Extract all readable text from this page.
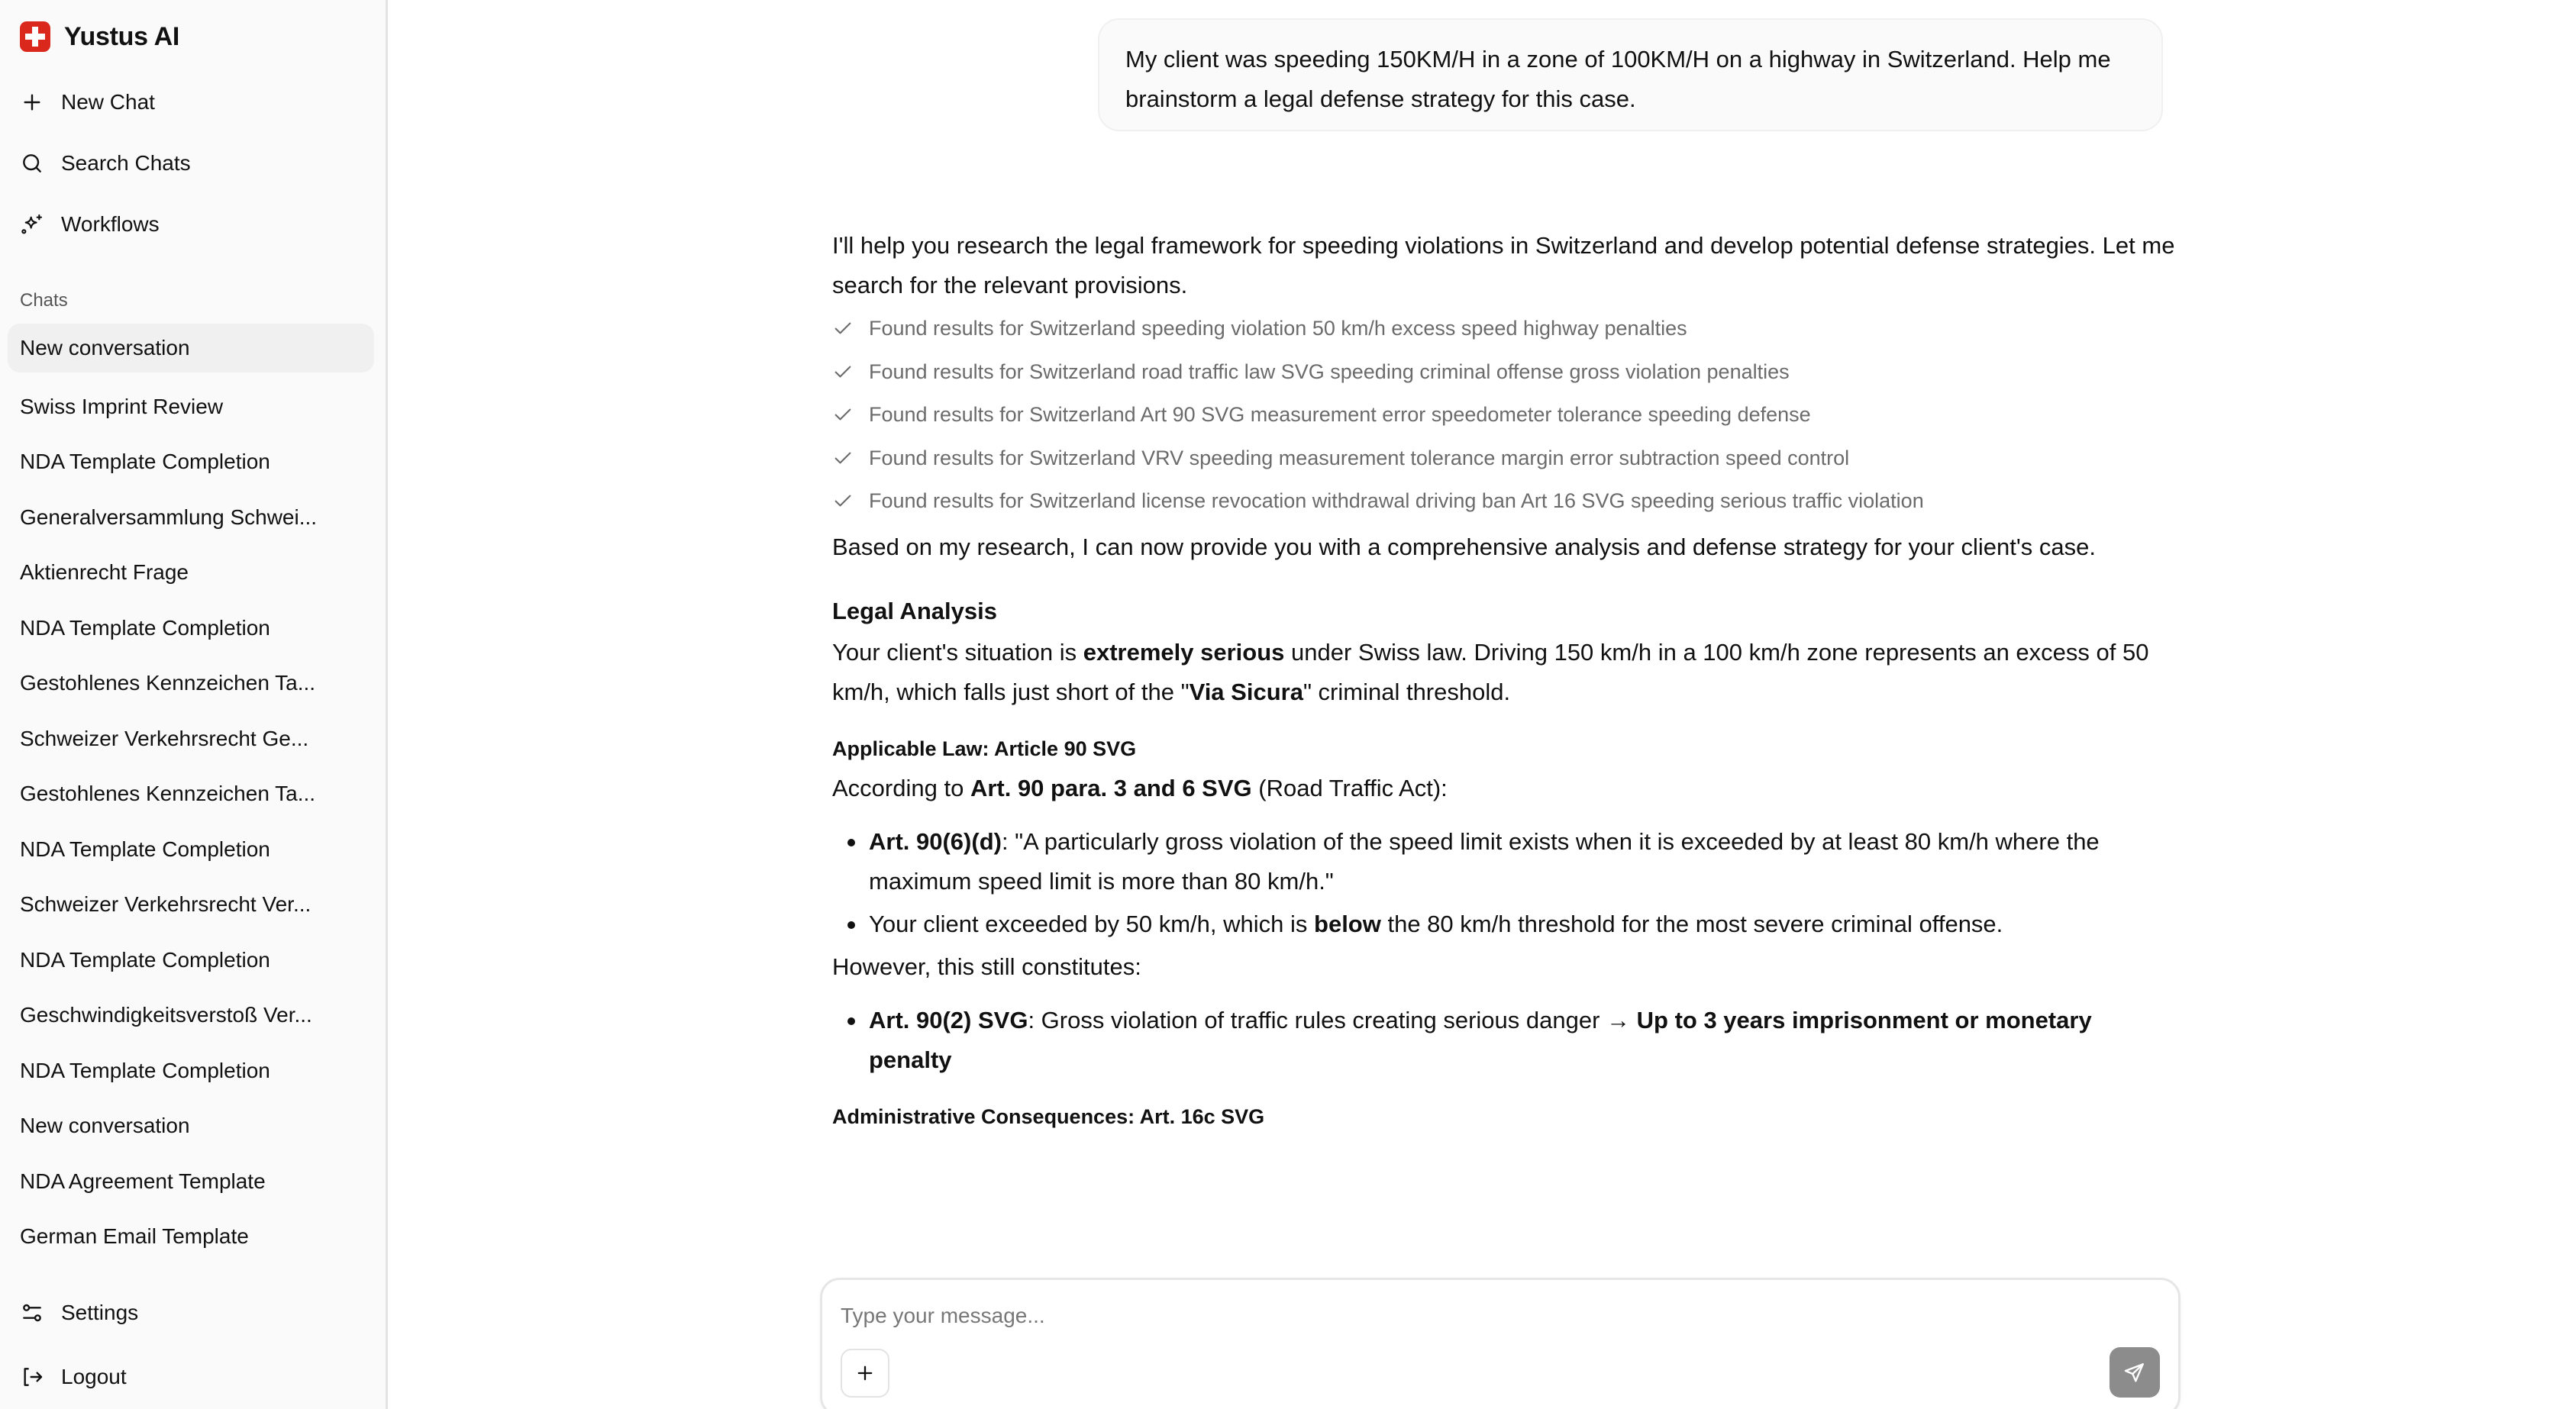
Yustus AI
New Chat
Search Chats
Workflows
Chats
New conversation
Swiss Imprint Review
NDA Template Completion
Generalversammlung Schwei...
Aktienrecht Frage
NDA Template Completion
Gestohlenes Kennzeichen Ta...
Schweizer Verkehrsrecht Ge...
Gestohlenes Kennzeichen Ta...
NDA Template Completion
Schweizer Verkehrsrecht Ver...
NDA Template Completion
Geschwindigkeitsverstoß Ver...
NDA Template Completion
New conversation
NDA Agreement Template
German Email Template
Settings
Logout
My client was speeding 150KM/H in a zone of 100KM/H on a highway in Switzerland. Help me brainstorm a legal defense strategy for this case.

I'll help you research the legal framework for speeding violations in Switzerland and develop potential defense strategies. Let me search for the relevant provisions.

Found results for Switzerland speeding violation 50 km/h excess speed highway penalties
Found results for Switzerland road traffic law SVG speeding criminal offense gross violation penalties
Found results for Switzerland Art 90 SVG measurement error speedometer tolerance speeding defense
Found results for Switzerland VRV speeding measurement tolerance margin error subtraction speed control
Found results for Switzerland license revocation withdrawal driving ban Art 16 SVG speeding serious traffic violation

Based on my research, I can now provide you with a comprehensive analysis and defense strategy for your client's case.

Legal Analysis

Your client's situation is extremely serious under Swiss law. Driving 150 km/h in a 100 km/h zone represents an excess of 50 km/h, which falls just short of the "Via Sicura" criminal threshold.

Applicable Law: Article 90 SVG

According to Art. 90 para. 3 and 6 SVG (Road Traffic Act):

Art. 90(6)(d): "A particularly gross violation of the speed limit exists when it is exceeded by at least 80 km/h where the maximum speed limit is more than 80 km/h."
Your client exceeded by 50 km/h, which is below the 80 km/h threshold for the most severe criminal offense.

However, this still constitutes:

Art. 90(2) SVG: Gross violation of traffic rules creating serious danger → Up to 3 years imprisonment or monetary penalty
Administrative Consequences: Art. 16c SVG
Type your message...
